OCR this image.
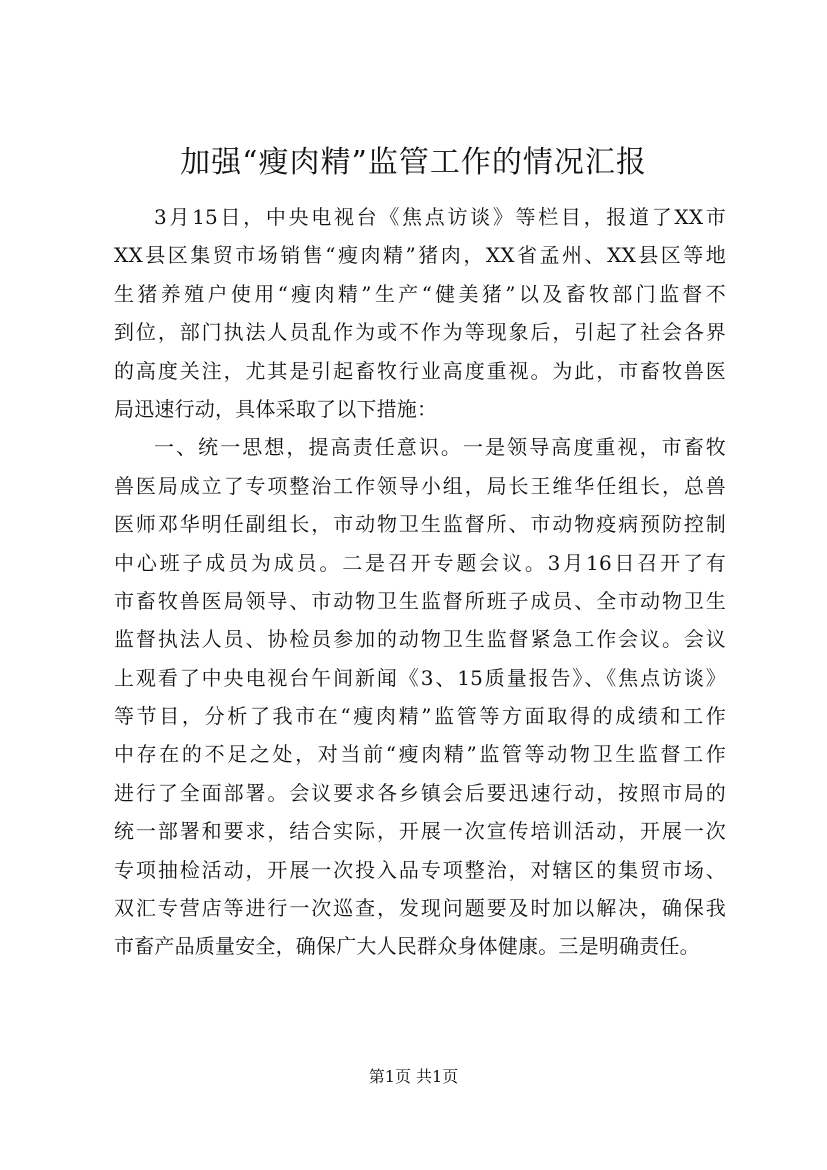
加强“瘦肉精”监管工作的情况汇报
3月15日，中央电视台《焦点访谈》等栏目，报道了XX市
XX县区集贸市场销售“瘦肉精”猪肉，XX省孟州、XX县区等地
生猪养殖户使用“瘦肉精”生产“健美猪”以及畜牧部门监督不
到位，部门执法人员乱作为或不作为等现象后，引起了社会各界
的高度关注，尤其是引起畜牧行业高度重视。为此，市畜牧兽医
局迅速行动，具体采取了以下措施：
一、统一思想，提高责任意识。一是领导高度重视，市畜牧
兽医局成立了专项整治工作领导小组，局长王维华任组长，总兽
医师邓华明任副组长，市动物卫生监督所、市动物疫病预防控制
中心班子成员为成员。二是召开专题会议。3月16日召开了有
市畜牧兽医局领导、市动物卫生监督所班子成员、全市动物卫生
监督执法人员、协检员参加的动物卫生监督紧急工作会议。会议
上观看了中央电视台午间新闻《3、15质量报告》、《焦点访谈》
等节目，分析了我市在“瘦肉精”监管等方面取得的成绩和工作
中存在的不足之处，对当前“瘦肉精”监管等动物卫生监督工作
进行了全面部署。会议要求各乡镇会后要迅速行动，按照市局的
统一部署和要求，结合实际，开展一次宣传培训活动，开展一次
专项抽检活动，开展一次投入品专项整治，对辖区的集贸市场、
双汇专营店等进行一次巡查，发现问题要及时加以解决，确保我
市畜产品质量安全，确保广大人民群众身体健康。三是明确责任。
第1页 共1页
